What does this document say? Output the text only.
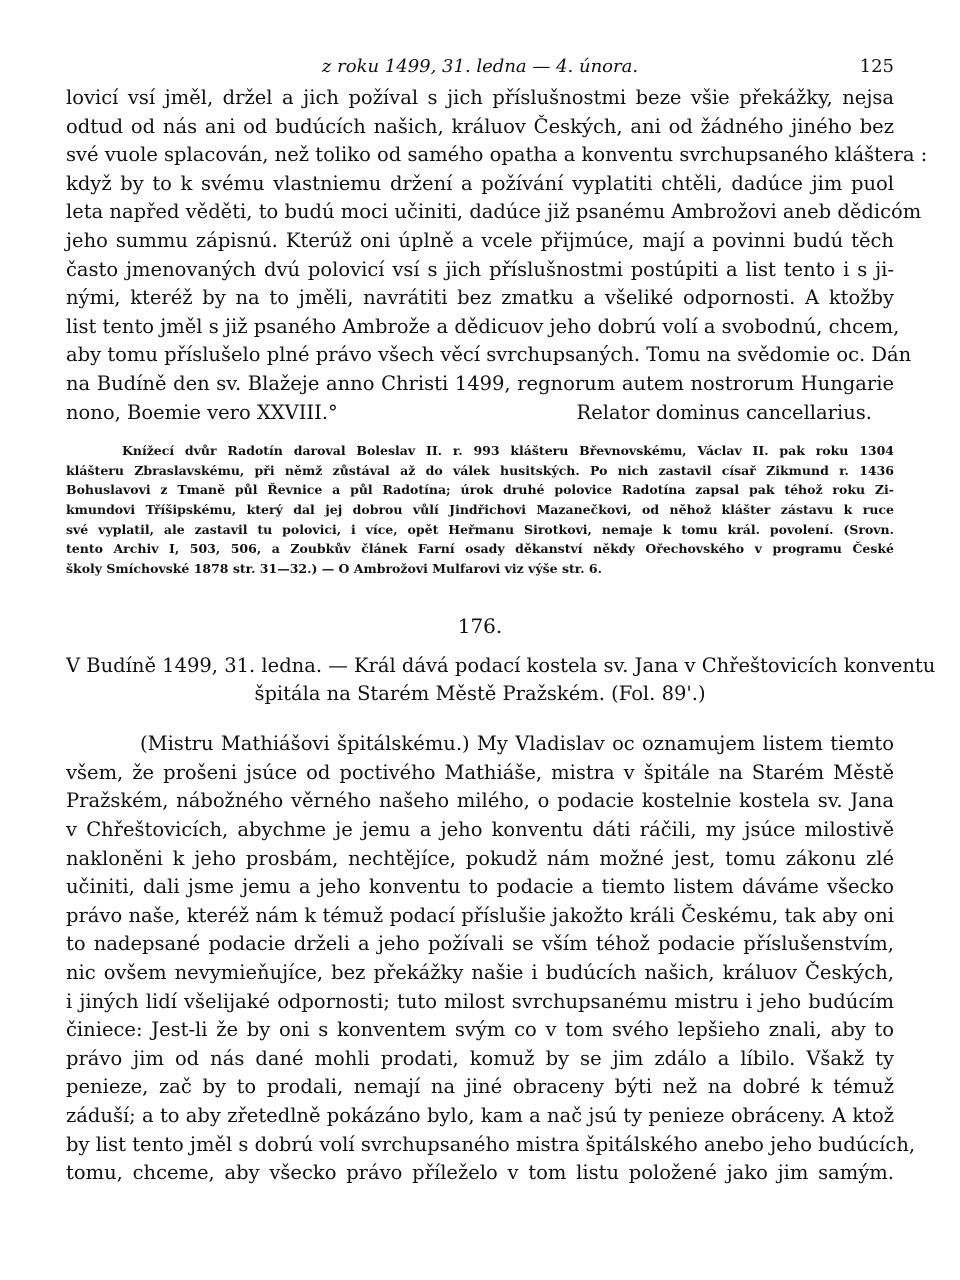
z roku 1499, 31. ledna — 4. února.	125
lovicí vsí jměl, držel a jich požíval s jich příslušnostmi beze všie překážky, nejsa
odtud od nás ani od budúcích našich, králuov Českých, ani od žádného jiného bez
své vuole splacován, než toliko od samého opatha a konventu svrchupsaného kláštera :
když by to k svému vlastniemu držení a požívání vyplatiti chtěli, dadúce jim puol
leta napřed věděti, to budú moci učiniti, dadúce již psanému Ambrožovi aneb dědicóm
jeho summu zápisnú. Kterúž oni úplně a vcele přijmúce, mají a povinni budú těch
často jmenovaných dvú polovicí vsí s jich příslušnostmi postúpiti a list tento i s ji-
nými, kteréž by na to jměli, navrátiti bez zmatku a všeliké odpornosti. A ktožby
list tento jměl s již psaného Ambrože a dědicuov jeho dobrú volí a svobodnú, chcem,
aby tomu příslušelo plné právo všech věcí svrchupsaných. Tomu na svědomie oc. Dán
na Budíně den sv. Blažeje anno Christi 1499, regnorum autem nostrorum Hungarie
nono, Boemie vero XXVIII.°	Relator dominus cancellarius.
Knížecí dvůr Radotín daroval Boleslav II. r. 993 klášteru Břevnovskému, Václav II. pak roku 1304
klášteru Zbraslavskému, při němž zůstával až do válek husitských. Po nich zastavil císař Zikmund r. 1436
Bohuslavovi z Tmaně půl Řevnice a půl Radotína; úrok druhé polovice Radotína zapsal pak téhož roku Zi-
kmundovi Tříšipskému, který dal jej dobrou vůlí Jindřichovi Mazanečkovi, od něhož klášter zástavu k ruce
své vyplatil, ale zastavil tu polovici, i více, opět Heřmanu Sirotkovi, nemaje k tomu král. povolení. (Srovn.
tento Archiv I, 503, 506, a Zoubkův článek Farní osady děkanství někdy Ořechovského v programu České
školy Smíchovské 1878 str. 31—32.) — O Ambrožovi Mulfarovi viz výše str. 6.
176.
V Budíně 1499, 31. ledna. — Král dává podací kostela sv. Jana v Chřeštovicích konventu
špitála na Starém Městě Pražském. (Fol. 89'.)
(Mistru Mathiášovi špitálskému.) My Vladislav oc oznamujem listem tiemto
všem, že prošeni jsúce od poctivého Mathiáše, mistra v špitále na Starém Městě
Pražském, nábožného věrného našeho milého, o podacie kostelnie kostela sv. Jana
v Chřeštovicích, abychme je jemu a jeho konventu dáti ráčili, my jsúce milostivě
nakloněni k jeho prosbám, nechtějíce, pokudž nám možné jest, tomu zákonu zlé
učiniti, dali jsme jemu a jeho konventu to podacie a tiemto listem dáváme všecko
právo naše, kteréž nám k témuž podací příslušie jakožto králi Českému, tak aby oni
to nadepsané podacie drželi a jeho požívali se vším téhož podacie příslušenstvím,
nic ovšem nevymieňujíce, bez překážky našie i budúcích našich, králuov Českých,
i jiných lidí všelijaké odpornosti; tuto milost svrchupsanému mistru i jeho budúcím
činiece: Jest-li že by oni s konventem svým co v tom svého lepšieho znali, aby to
právo jim od nás dané mohli prodati, komuž by se jim zdálo a líbilo. Všakž ty
penieze, zač by to prodali, nemají na jiné obraceny býti než na dobré k témuž
záduší; a to aby zřetedlně pokázáno bylo, kam a nač jsú ty penieze obráceny. A ktož
by list tento jměl s dobrú volí svrchupsaného mistra špitálského anebo jeho budúcích,
tomu, chceme, aby všecko právo příleželo v tom listu položené jako jim samým.
